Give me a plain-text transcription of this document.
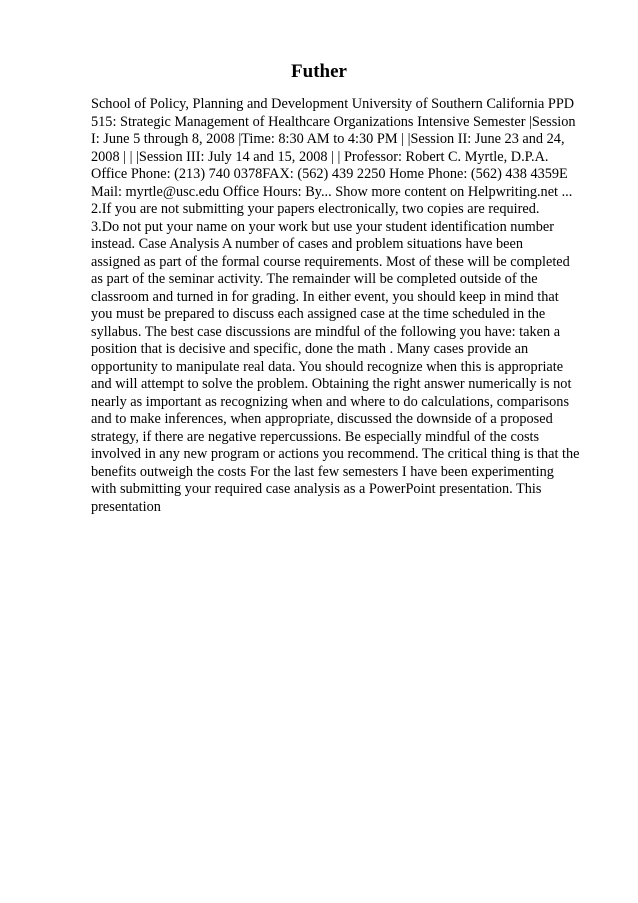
Futher
School of Policy, Planning and Development University of Southern California PPD
515: Strategic Management of Healthcare Organizations Intensive Semester |Session
I: June 5 through 8, 2008 |Time: 8:30 AM to 4:30 PM | |Session II: June 23 and 24,
2008 | | |Session III: July 14 and 15, 2008 | | Professor: Robert C. Myrtle, D.P.A.
Office Phone: (213) 740 0378FAX: (562) 439 2250 Home Phone: (562) 438 4359E
Mail: myrtle@usc.edu Office Hours: By... Show more content on Helpwriting.net ...
2.If you are not submitting your papers electronically, two copies are required.
3.Do not put your name on your work but use your student identification number
instead. Case Analysis A number of cases and problem situations have been
assigned as part of the formal course requirements. Most of these will be completed
as part of the seminar activity. The remainder will be completed outside of the
classroom and turned in for grading. In either event, you should keep in mind that
you must be prepared to discuss each assigned case at the time scheduled in the
syllabus. The best case discussions are mindful of the following you have: taken a
position that is decisive and specific, done the math . Many cases provide an
opportunity to manipulate real data. You should recognize when this is appropriate
and will attempt to solve the problem. Obtaining the right answer numerically is not
nearly as important as recognizing when and where to do calculations, comparisons
and to make inferences, when appropriate, discussed the downside of a proposed
strategy, if there are negative repercussions. Be especially mindful of the costs
involved in any new program or actions you recommend. The critical thing is that the
benefits outweigh the costs For the last few semesters I have been experimenting
with submitting your required case analysis as a PowerPoint presentation. This
presentation
